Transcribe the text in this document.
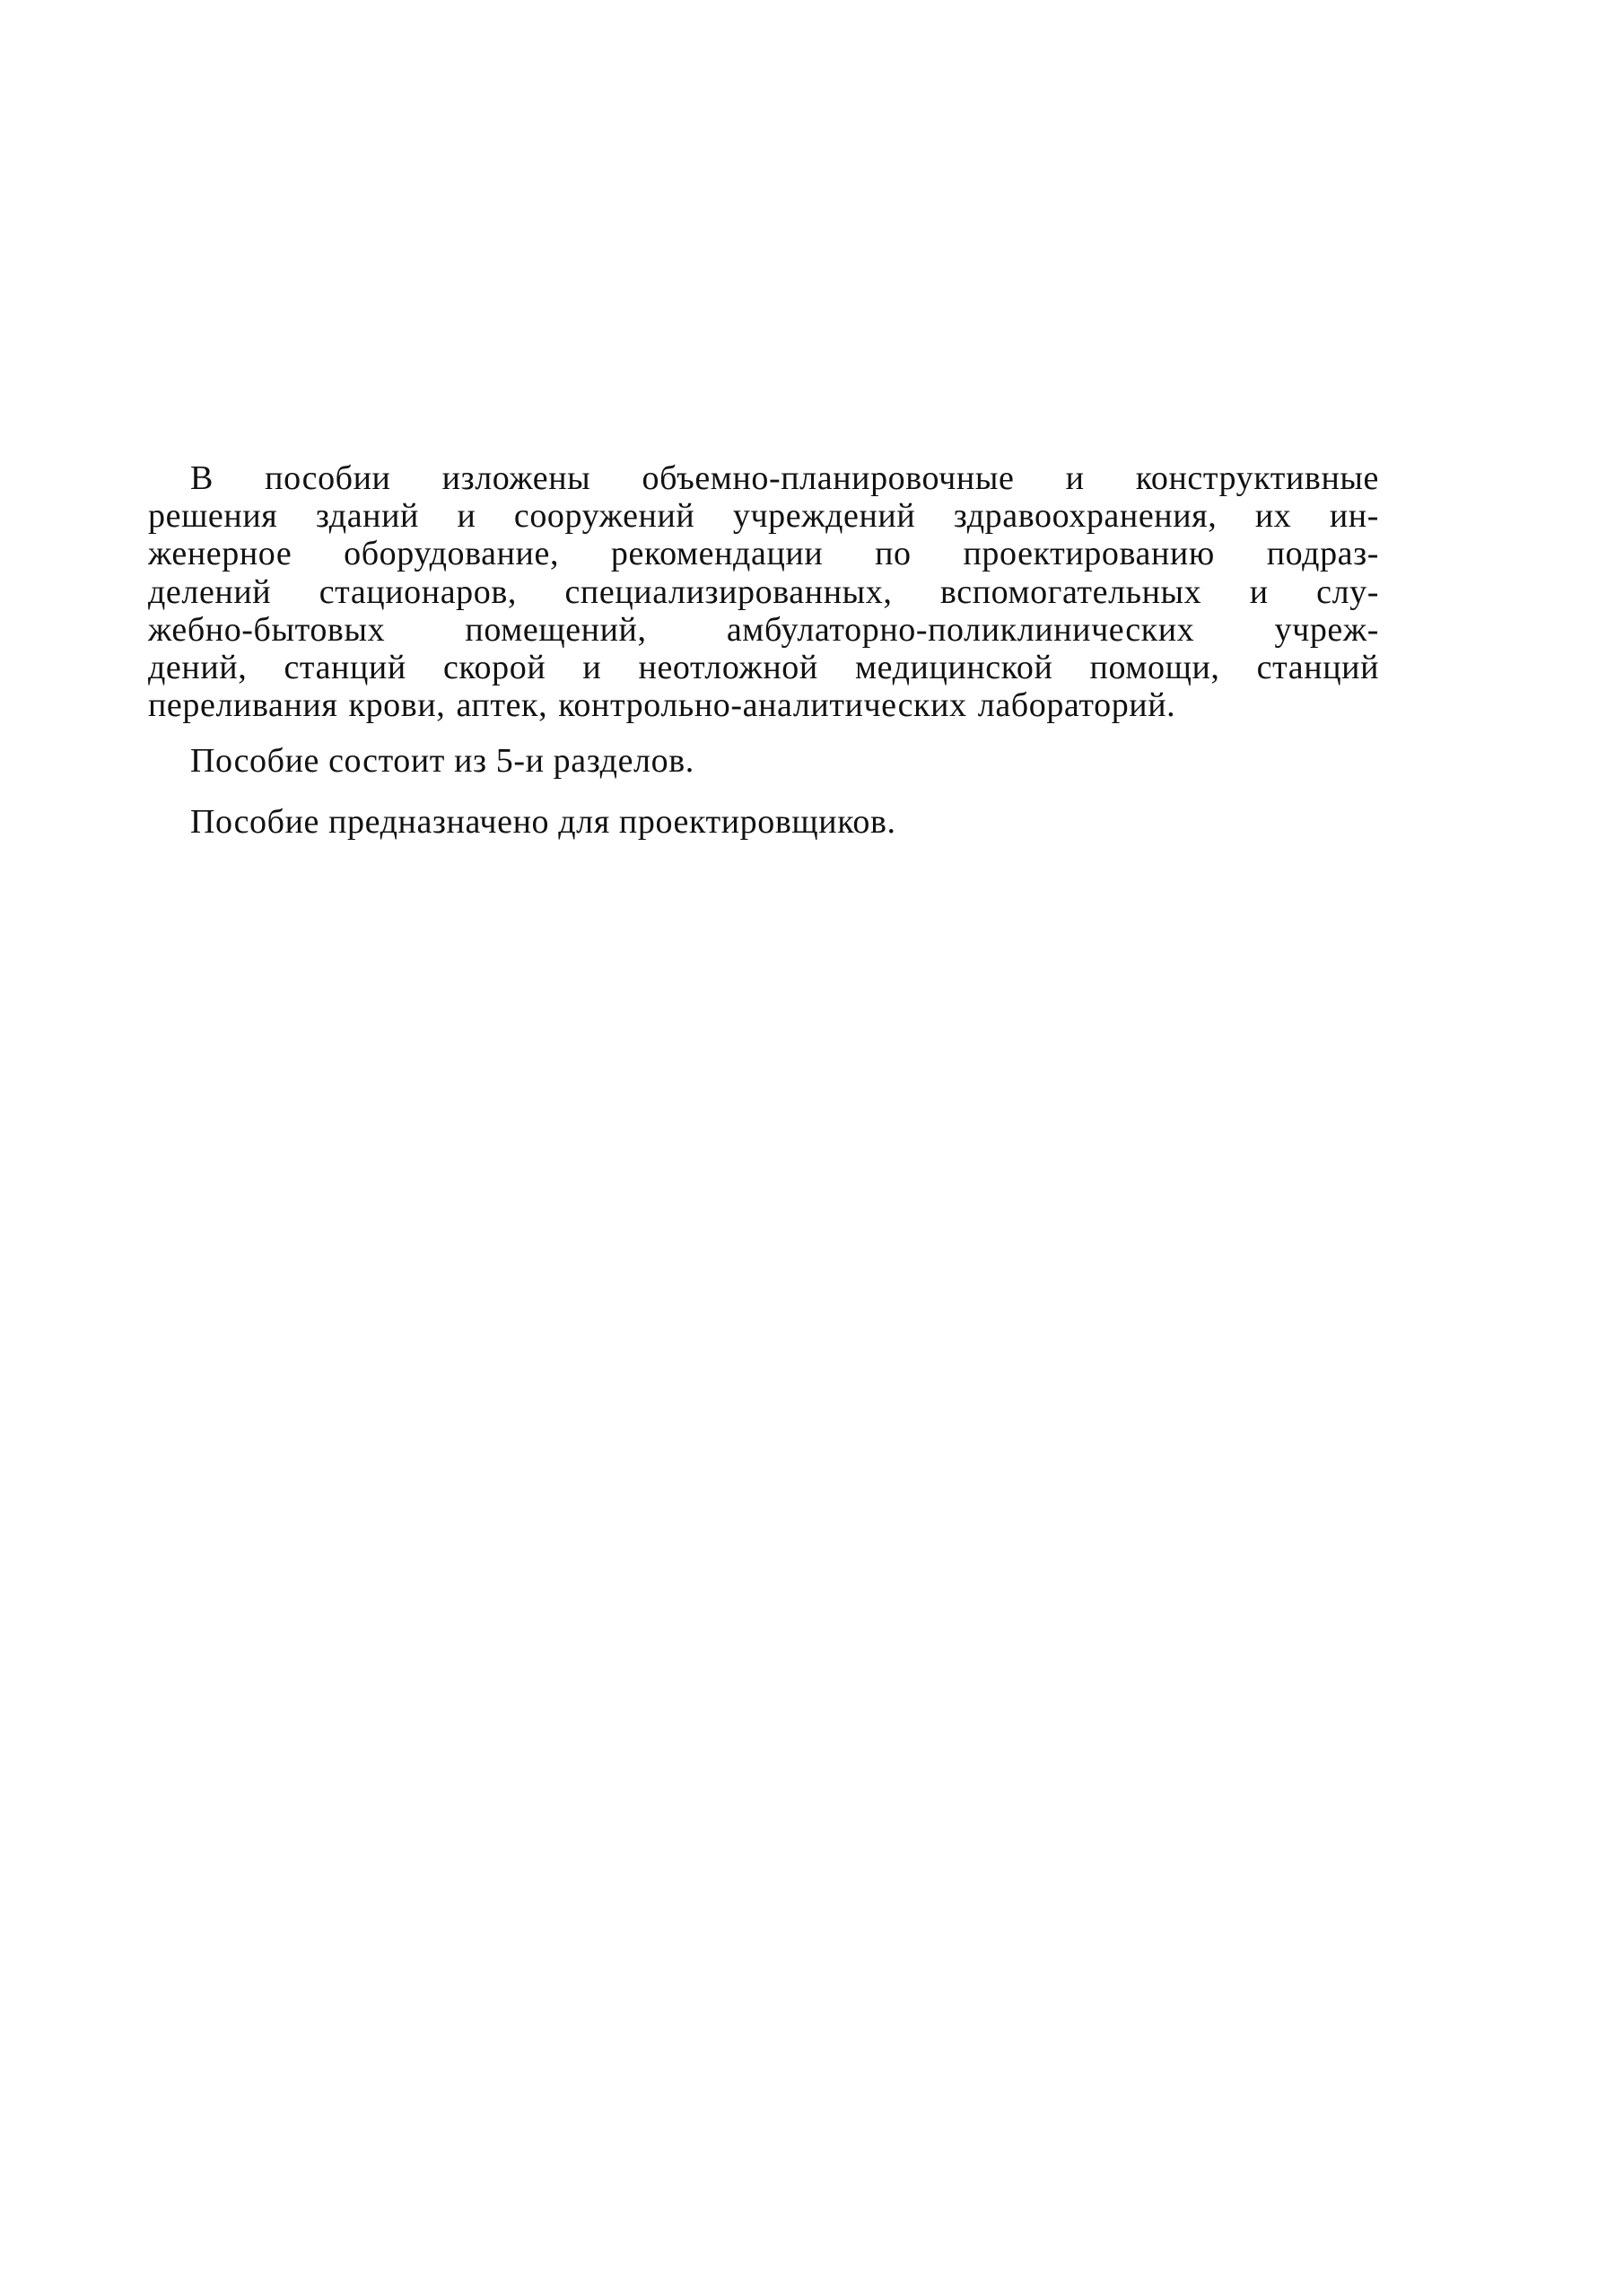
В пособии изложены объемно-планировочные и конструктивные
решения зданий и сооружений учреждений здравоохранения, их ин-
женерное оборудование, рекомендации по проектированию подраз-
делений стационаров, специализированных, вспомогательных и слу-
жебно-бытовых помещений, амбулаторно-поликлинических учреж-
дений, станций скорой и неотложной медицинской помощи, станций
переливания крови, аптек, контрольно-аналитических лабораторий.

Пособие состоит из 5-и разделов.

Пособие предназначено для проектировщиков.
